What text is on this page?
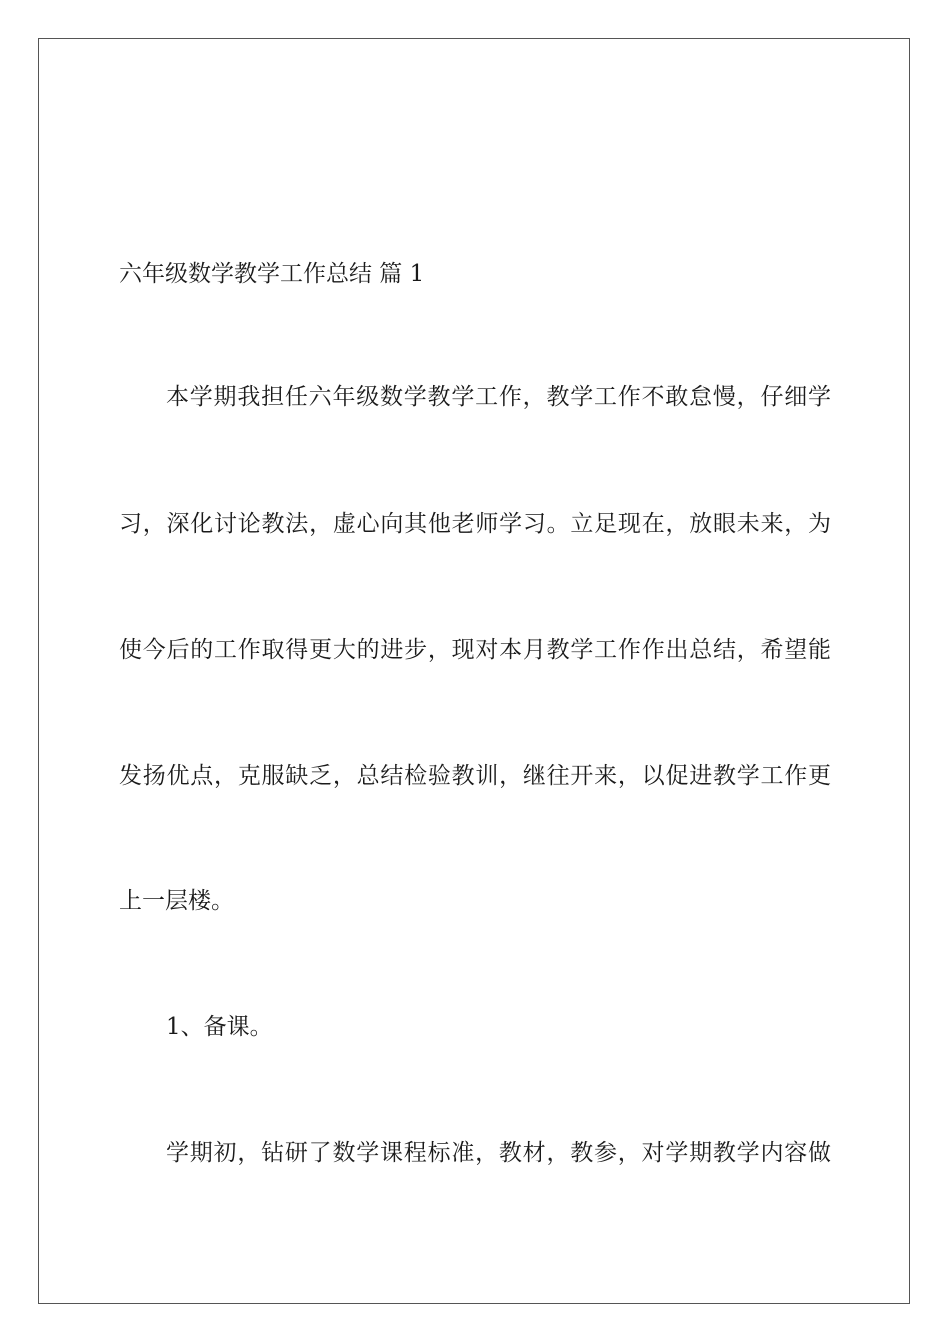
六年级数学教学工作总结 篇 1
本学期我担任六年级数学教学工作，教学工作不敢怠慢，仔细学
习，深化讨论教法，虚心向其他老师学习。立足现在，放眼未来，为
使今后的工作取得更大的进步，现对本月教学工作作出总结，希望能
发扬优点，克服缺乏，总结检验教训，继往开来，以促进教学工作更
上一层楼。
1、备课。
学期初，钻研了数学课程标准，教材，教参，对学期教学内容做
